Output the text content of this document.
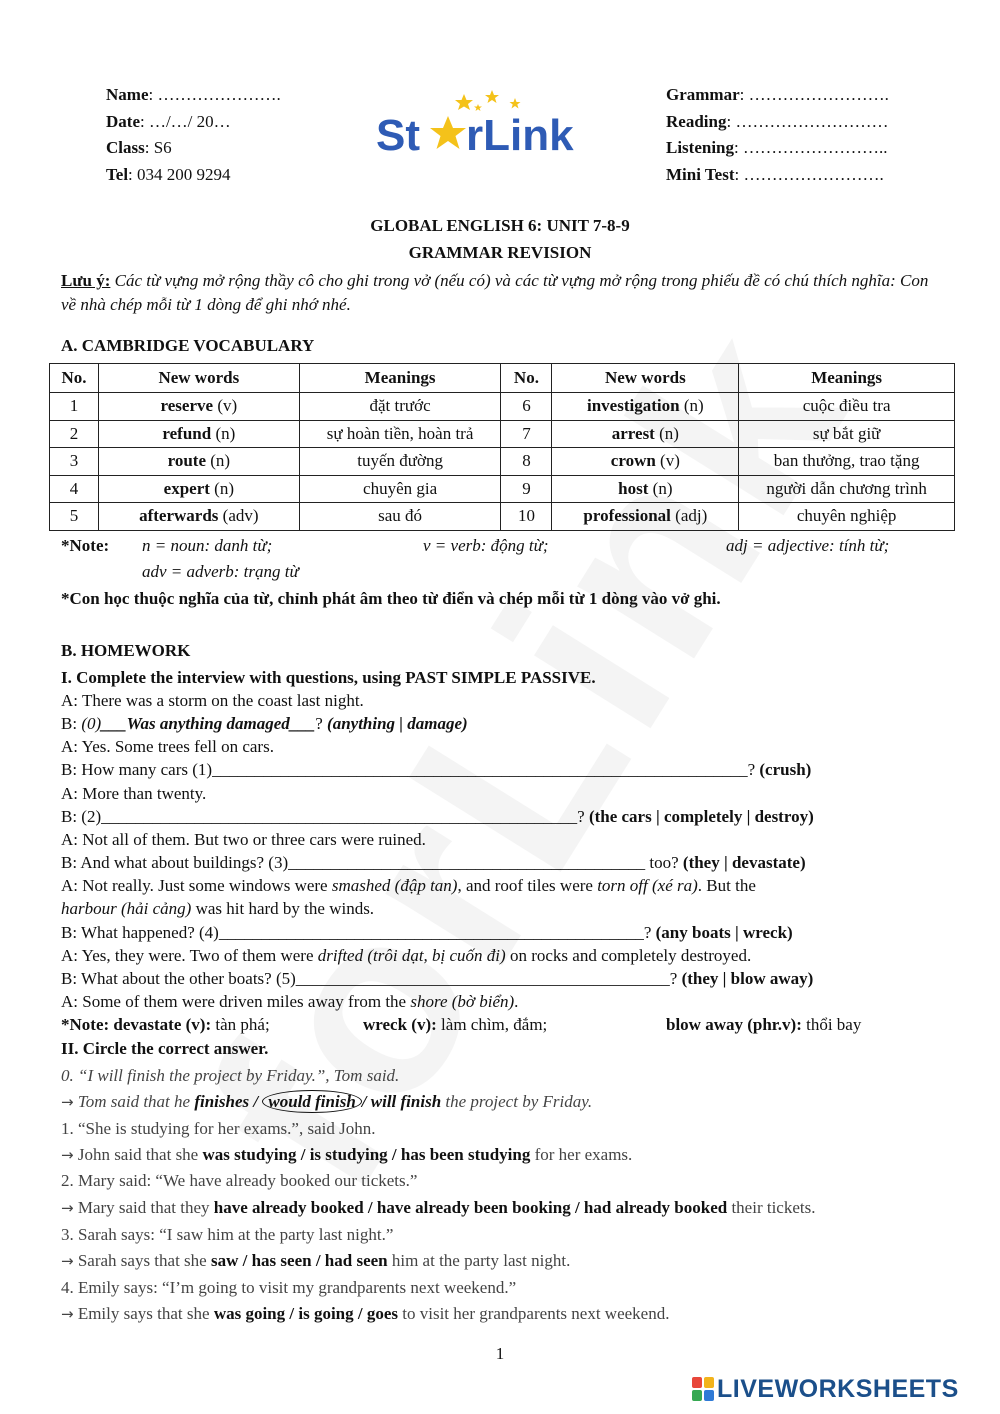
Name: ………………….
Date: …/…/ 20…
Class: S6
Tel: 034 200 9294
St rLink
Grammar: …………………….
Reading: ………………………
Listening: ……………………..
Mini Test: …………………….
GLOBAL ENGLISH 6: UNIT 7-8-9
GRAMMAR REVISION
Lưu ý: Các từ vựng mở rộng thầy cô cho ghi trong vở (nếu có) và các từ vựng mở rộng trong phiếu đề có chú thích nghĩa: Con về nhà chép mỗi từ 1 dòng để ghi nhớ nhé.
A. CAMBRIDGE VOCABULARY
No.	New words	Meanings	No.	New words	Meanings
1	reserve (v)	đặt trước	6	investigation (n)	cuộc điều tra
2	refund (n)	sự hoàn tiền, hoàn trả	7	arrest (n)	sự bắt giữ
3	route (n)	tuyến đường	8	crown (v)	ban thưởng, trao tặng
4	expert (n)	chuyên gia	9	host (n)	người dẫn chương trình
5	afterwards (adv)	sau đó	10	professional (adj)	chuyên nghiệp
*Note: n = noun: danh từ;	v = verb: động từ;	adj = adjective: tính từ;
adv = adverb: trạng từ
*Con học thuộc nghĩa của từ, chỉnh phát âm theo từ điển và chép mỗi từ 1 dòng vào vở ghi.
B. HOMEWORK
I. Complete the interview with questions, using PAST SIMPLE PASSIVE.
A: There was a storm on the coast last night.
B: (0)___Was anything damaged___? (anything | damage)
A: Yes. Some trees fell on cars.
B: How many cars (1)_______________________________________________________________? (crush)
A: More than twenty.
B: (2)________________________________________________________? (the cars | completely | destroy)
A: Not all of them. But two or three cars were ruined.
B: And what about buildings? (3)__________________________________________ too? (they | devastate)
A: Not really. Just some windows were smashed (đập tan), and roof tiles were torn off (xé ra). But the
harbour (hải cảng) was hit hard by the winds.
B: What happened? (4)__________________________________________________? (any boats | wreck)
A: Yes, they were. Two of them were drifted (trôi dạt, bị cuốn đi) on rocks and completely destroyed.
B: What about the other boats? (5)____________________________________________? (they | blow away)
A: Some of them were driven miles away from the shore (bờ biển).
*Note: devastate (v): tàn phá;	wreck (v): làm chìm, đắm;	blow away (phr.v): thổi bay
II. Circle the correct answer.
0. “I will finish the project by Friday.”, Tom said.
→ Tom said that he finishes / would finish / will finish the project by Friday.
1. “She is studying for her exams.”, said John.
→ John said that she was studying / is studying / has been studying for her exams.
2. Mary said: “We have already booked our tickets.”
→ Mary said that they have already booked / have already been booking / had already booked their tickets.
3. Sarah says: “I saw him at the party last night.”
→ Sarah says that she saw / has seen / had seen him at the party last night.
4. Emily says: “I’m going to visit my grandparents next weekend.”
→ Emily says that she was going / is going / goes to visit her grandparents next weekend.
1
LIVEWORKSHEETS
